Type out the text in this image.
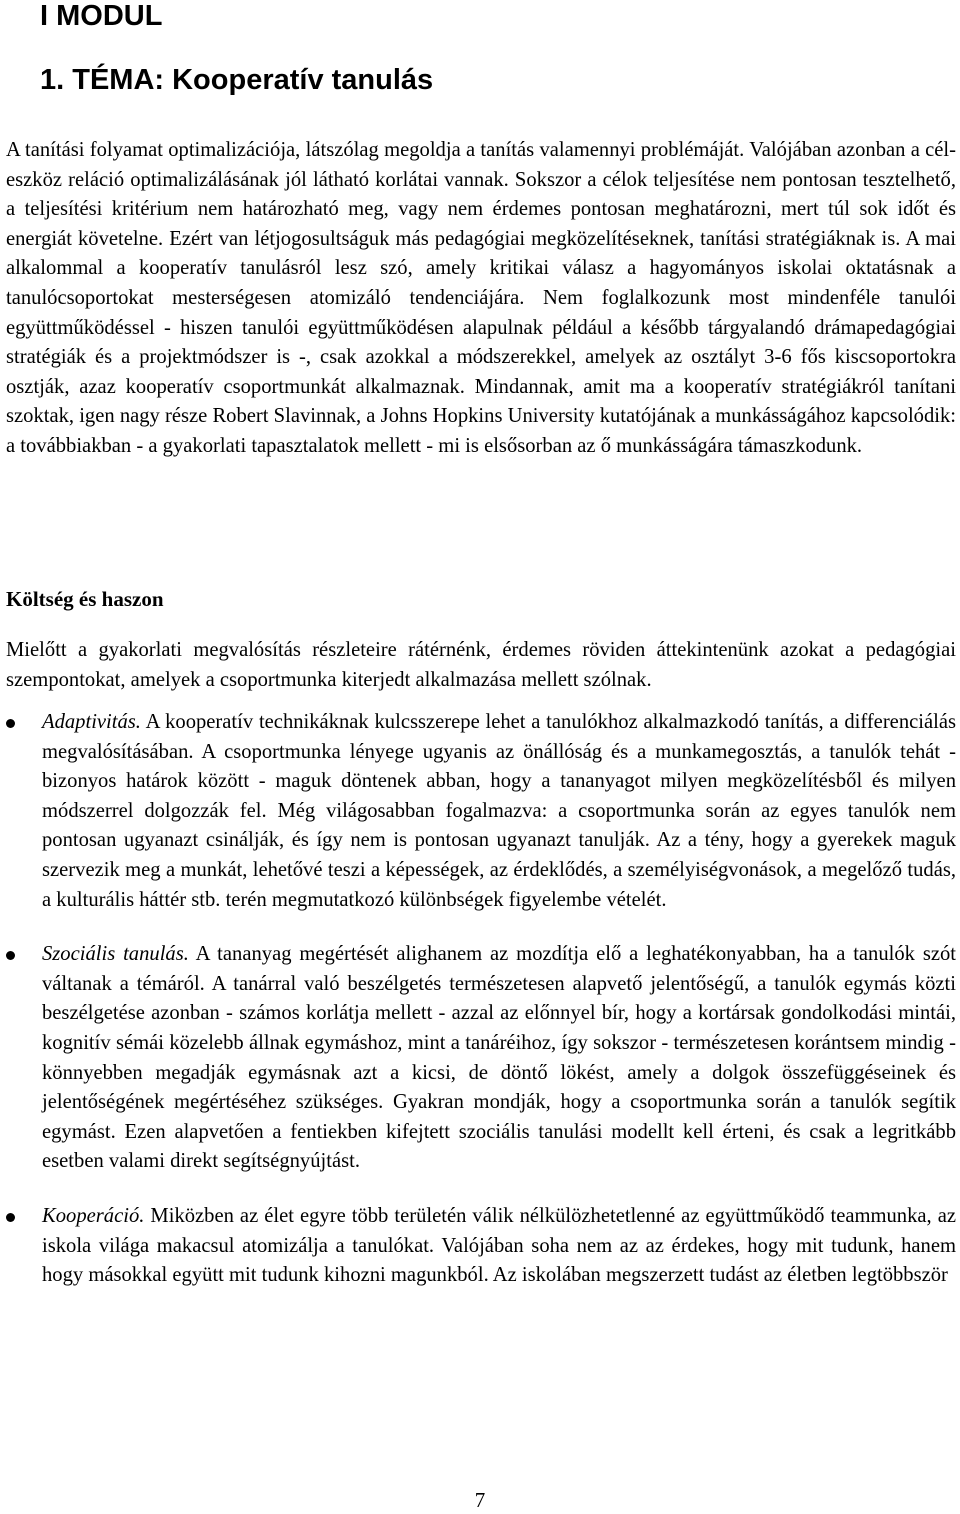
I MODUL
1. TÉMA: Kooperatív tanulás

A tanítási folyamat optimalizációja, látszólag megoldja a tanítás valamennyi problémáját. Valójában azonban a cél-eszköz reláció optimalizálásának jól látható korlátai vannak. Sokszor a célok teljesítése nem pontosan tesztelhető, a teljesítési kritérium nem határozható meg, vagy nem érdemes pontosan meghatározni, mert túl sok időt és energiát követelne. Ezért van létjogosultságuk más pedagógiai megközelítéseknek, tanítási stratégiáknak is. A mai alkalommal a kooperatív tanulásról lesz szó, amely kritikai válasz a hagyományos iskolai oktatásnak a tanulócsoportokat mesterségesen atomizáló tendenciájára. Nem foglalkozunk most mindenféle tanulói együttműködéssel - hiszen tanulói együttműködésen alapulnak például a később tárgyalandó drámapedagógiai stratégiák és a projektmódszer is -, csak azokkal a módszerekkel, amelyek az osztályt 3-6 fős kiscsoportokra osztják, azaz kooperatív csoportmunkát alkalmaznak. Mindannak, amit ma a kooperatív stratégiákról tanítani szoktak, igen nagy része Robert Slavinnak, a Johns Hopkins University kutatójának a munkásságához kapcsolódik: a továbbiakban - a gyakorlati tapasztalatok mellett - mi is elsősorban az ő munkásságára támaszkodunk.

Költség és haszon

Mielőtt a gyakorlati megvalósítás részleteire rátérnénk, érdemes röviden áttekintenünk azokat a pedagógiai szempontokat, amelyek a csoportmunka kiterjedt alkalmazása mellett szólnak.

Adaptivitás. A kooperatív technikáknak kulcsszerepe lehet a tanulókhoz alkalmazkodó tanítás, a differenciálás megvalósításában. A csoportmunka lényege ugyanis az önállóság és a munkamegosztás, a tanulók tehát - bizonyos határok között - maguk döntenek abban, hogy a tananyagot milyen megközelítésből és milyen módszerrel dolgozzák fel. Még világosabban fogalmazva: a csoportmunka során az egyes tanulók nem pontosan ugyanazt csinálják, és így nem is pontosan ugyanazt tanulják. Az a tény, hogy a gyerekek maguk szervezik meg a munkát, lehetővé teszi a képességek, az érdeklődés, a személyiségvonások, a megelőző tudás, a kulturális háttér stb. terén megmutatkozó különbségek figyelembe vételét.
Szociális tanulás. A tananyag megértését alighanem az mozdítja elő a leghatékonyabban, ha a tanulók szót váltanak a témáról. A tanárral való beszélgetés természetesen alapvető jelentőségű, a tanulók egymás közti beszélgetése azonban - számos korlátja mellett - azzal az előnnyel bír, hogy a kortársak gondolkodási mintái, kognitív sémái közelebb állnak egymáshoz, mint a tanáréihoz, így sokszor - természetesen korántsem mindig - könnyebben megadják egymásnak azt a kicsi, de döntő lökést, amely a dolgok összefüggéseinek és jelentőségének megértéséhez szükséges. Gyakran mondják, hogy a csoportmunka során a tanulók segítik egymást. Ezen alapvetően a fentiekben kifejtett szociális tanulási modellt kell érteni, és csak a legritkább esetben valami direkt segítségnyújtást.
Kooperáció. Miközben az élet egyre több területén válik nélkülözhetetlenné az együttműködő teammunka, az iskola világa makacsul atomizálja a tanulókat. Valójában soha nem az az érdekes, hogy mit tudunk, hanem hogy másokkal együtt mit tudunk kihozni magunkból. Az iskolában megszerzett tudást az életben legtöbbször

7
